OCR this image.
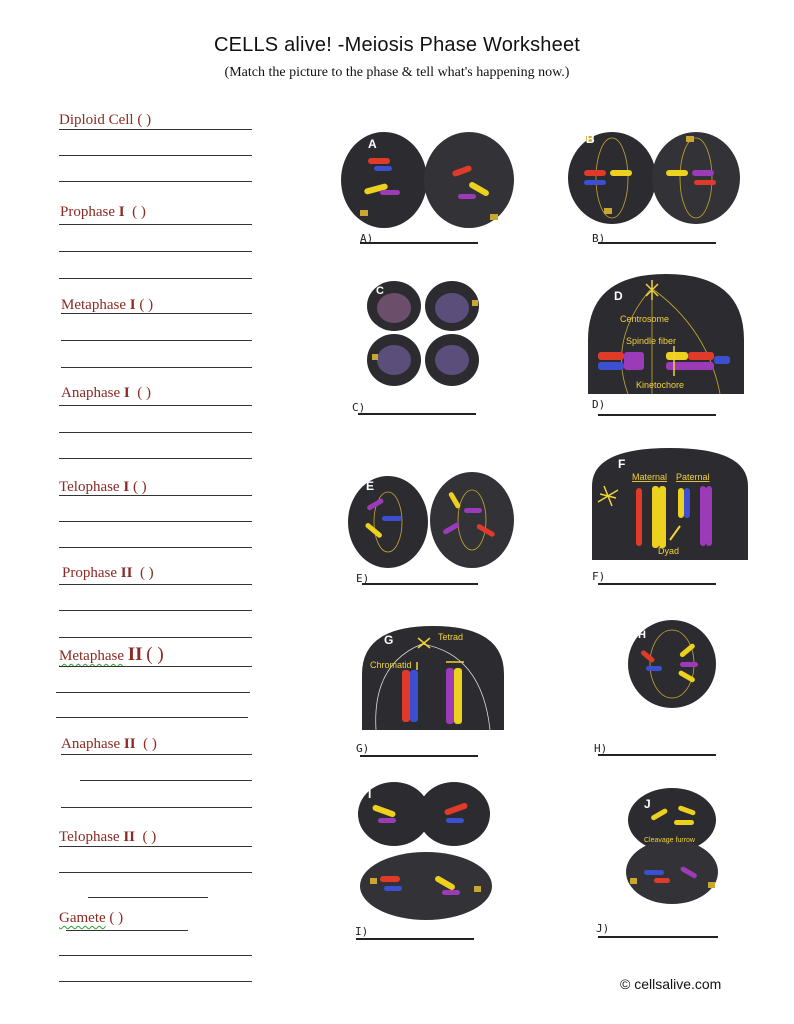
CELLS alive! -Meiosis Phase Worksheet
(Match the picture to the phase & tell what's happening now.)
Diploid Cell ( )
Prophase I ( )
Metaphase I ( )
Anaphase I ( )
Telophase I ( )
Prophase II ( )
Metaphase II ( )
Anaphase II ( )
Telophase II ( )
Gamete ( )
A	B
C
Centrosome
Spindle fiber
Kinetochore
D
E
Maternal Paternal
Dyad
F
Tetrad
Chromatid
G	H
I
Cleavage furrow
J
A)	B)
C)	D)
E)	F)
G)	H)
I)	J)
© cellsalive.com
